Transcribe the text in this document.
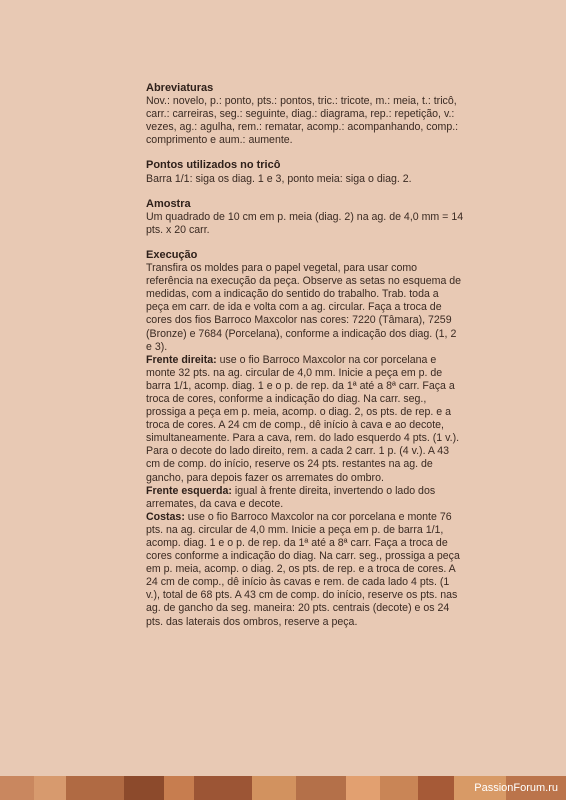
Abreviaturas

Nov.: novelo, p.: ponto, pts.: pontos, tric.: tricote, m.: meia, t.: tricô, carr.: carreiras, seg.: seguinte, diag.: diagrama, rep.: repetição, v.: vezes, ag.: agulha, rem.: rematar, acomp.: acompanhando, comp.: comprimento e aum.: aumente.

Pontos utilizados no tricô

Barra 1/1: siga os diag. 1 e 3, ponto meia: siga o diag. 2.

Amostra

Um quadrado de 10 cm em p. meia (diag. 2) na ag. de 4,0 mm = 14 pts. x 20 carr.

Execução

Transfira os moldes para o papel vegetal, para usar como referência na execução da peça. Observe as setas no esquema de medidas, com a indicação do sentido do trabalho. Trab. toda a peça em carr. de ida e volta com a ag. circular. Faça a troca de cores dos fios Barroco Maxcolor nas cores: 7220 (Tâmara), 7259 (Bronze) e 7684 (Porcelana), conforme a indicação dos diag. (1, 2 e 3).

Frente direita: use o fio Barroco Maxcolor na cor porcelana e monte 32 pts. na ag. circular de 4,0 mm. Inicie a peça em p. de barra 1/1, acomp. diag. 1 e o p. de rep. da 1ª até a 8ª carr. Faça a troca de cores, conforme a indicação do diag. Na carr. seg., prossiga a peça em p. meia, acomp. o diag. 2, os pts. de rep. e a troca de cores. A 24 cm de comp., dê início à cava e ao decote, simultaneamente. Para a cava, rem. do lado esquerdo 4 pts. (1 v.). Para o decote do lado direito, rem. a cada 2 carr. 1 p. (4 v.). A 43 cm de comp. do início, reserve os 24 pts. restantes na ag. de gancho, para depois fazer os arremates do ombro.

Frente esquerda: igual à frente direita, invertendo o lado dos arremates, da cava e decote.

Costas: use o fio Barroco Maxcolor na cor porcelana e monte 76 pts. na ag. circular de 4,0 mm. Inicie a peça em p. de barra 1/1, acomp. diag. 1 e o p. de rep. da 1ª até a 8ª carr. Faça a troca de cores conforme a indicação do diag. Na carr. seg., prossiga a peça em p. meia, acomp. o diag. 2, os pts. de rep. e a troca de cores. A 24 cm de comp., dê início às cavas e rem. de cada lado 4 pts. (1 v.), total de 68 pts. A 43 cm de comp. do início, reserve os pts. nas ag. de gancho da seg. maneira: 20 pts. centrais (decote) e os 24 pts. das laterais dos ombros, reserve a peça.

PassionForum.ru
